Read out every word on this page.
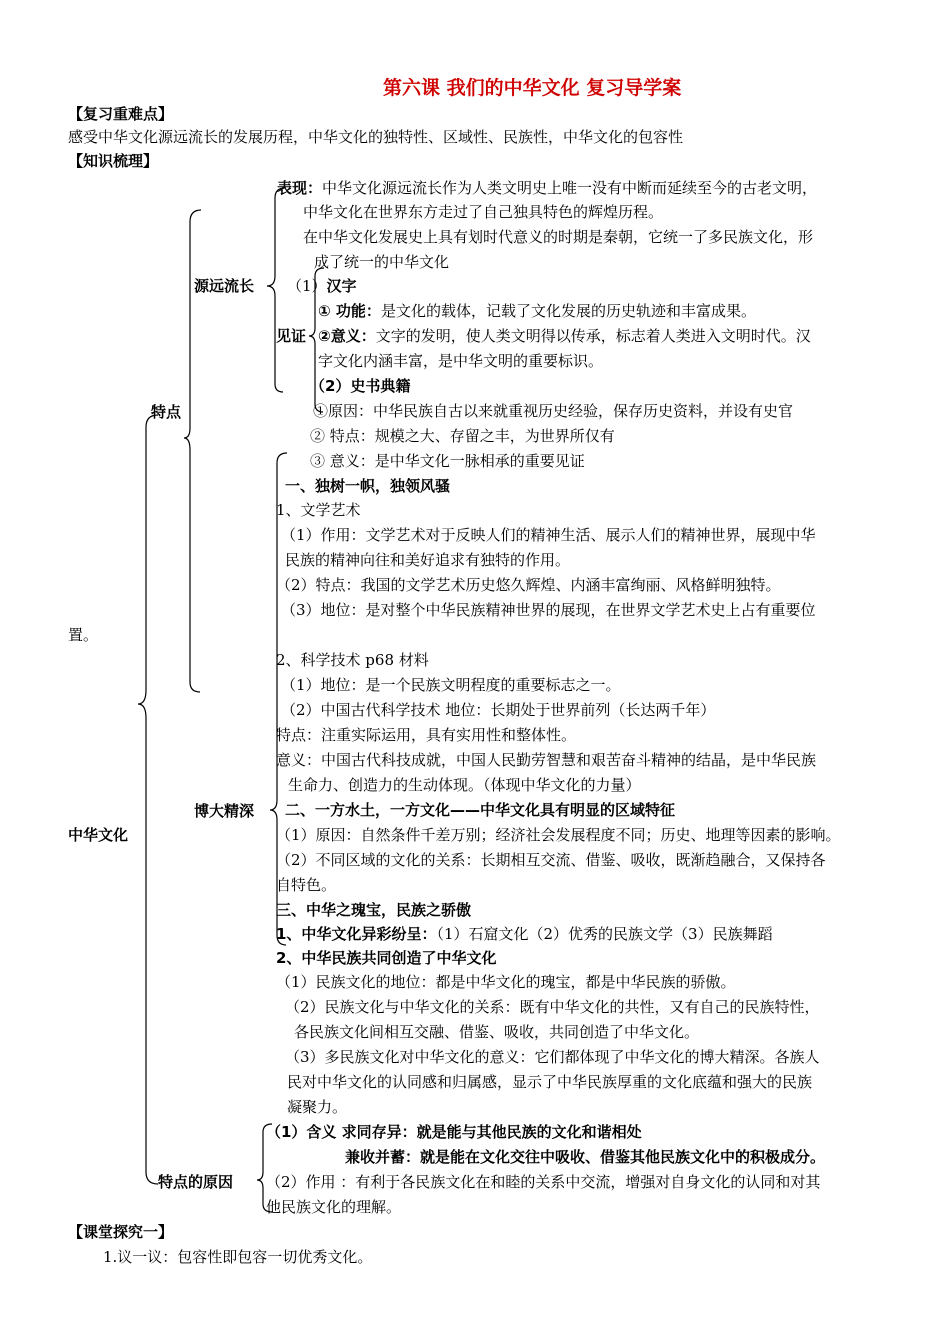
第六课 我们的中华文化 复习导学案
【复习重难点】
感受中华文化源远流长的发展历程，中华文化的独特性、区域性、民族性，中华文化的包容性
【知识梳理】
中华文化
特点
源远流长
博大精深
特点的原因
见证
表现：中华文化源远流长作为人类文明史上唯一没有中断而延续至今的古老文明，
中华文化在世界东方走过了自己独具特色的辉煌历程。
在中华文化发展史上具有划时代意义的时期是秦朝，它统一了多民族文化，形
成了统一的中华文化
（1）汉字
① 功能：是文化的载体，记载了文化发展的历史轨迹和丰富成果。
②意义：文字的发明，使人类文明得以传承，标志着人类进入文明时代。汉
字文化内涵丰富，是中华文明的重要标识。
（2）史书典籍
①原因：中华民族自古以来就重视历史经验，保存历史资料，并设有史官
② 特点：规模之大、存留之丰，为世界所仅有
③ 意义：是中华文化一脉相承的重要见证
一、独树一帜，独领风骚
1、文学艺术
（1）作用：文学艺术对于反映人们的精神生活、展示人们的精神世界，展现中华
民族的精神向往和美好追求有独特的作用。
（2）特点：我国的文学艺术历史悠久辉煌、内涵丰富绚丽、风格鲜明独特。
（3）地位：是对整个中华民族精神世界的展现，在世界文学艺术史上占有重要位
置。
2、科学技术 p68 材料
（1）地位：是一个民族文明程度的重要标志之一。
（2）中国古代科学技术 地位：长期处于世界前列（长达两千年）
特点：注重实际运用，具有实用性和整体性。
意义：中国古代科技成就，中国人民勤劳智慧和艰苦奋斗精神的结晶，是中华民族
生命力、创造力的生动体现。（体现中华文化的力量）
二、一方水土，一方文化——中华文化具有明显的区域特征
（1）原因：自然条件千差万别；经济社会发展程度不同；历史、地理等因素的影响。
（2）不同区域的文化的关系：长期相互交流、借鉴、吸收，既渐趋融合，又保持各
自特色。
三、中华之瑰宝，民族之骄傲
1、中华文化异彩纷呈：（1）石窟文化（2）优秀的民族文学（3）民族舞蹈
2、中华民族共同创造了中华文化
（1）民族文化的地位：都是中华文化的瑰宝，都是中华民族的骄傲。
（2）民族文化与中华文化的关系：既有中华文化的共性，又有自己的民族特性，
各民族文化间相互交融、借鉴、吸收，共同创造了中华文化。
（3）多民族文化对中华文化的意义：它们都体现了中华文化的博大精深。各族人
民对中华文化的认同感和归属感，显示了中华民族厚重的文化底蕴和强大的民族
凝聚力。
（1）含义 求同存异：就是能与其他民族的文化和谐相处
兼收并蓄：就是能在文化交往中吸收、借鉴其他民族文化中的积极成分。
（2）作用 ：有利于各民族文化在和睦的关系中交流，增强对自身文化的认同和对其
他民族文化的理解。
【课堂探究一】
1.议一议：包容性即包容一切优秀文化。
